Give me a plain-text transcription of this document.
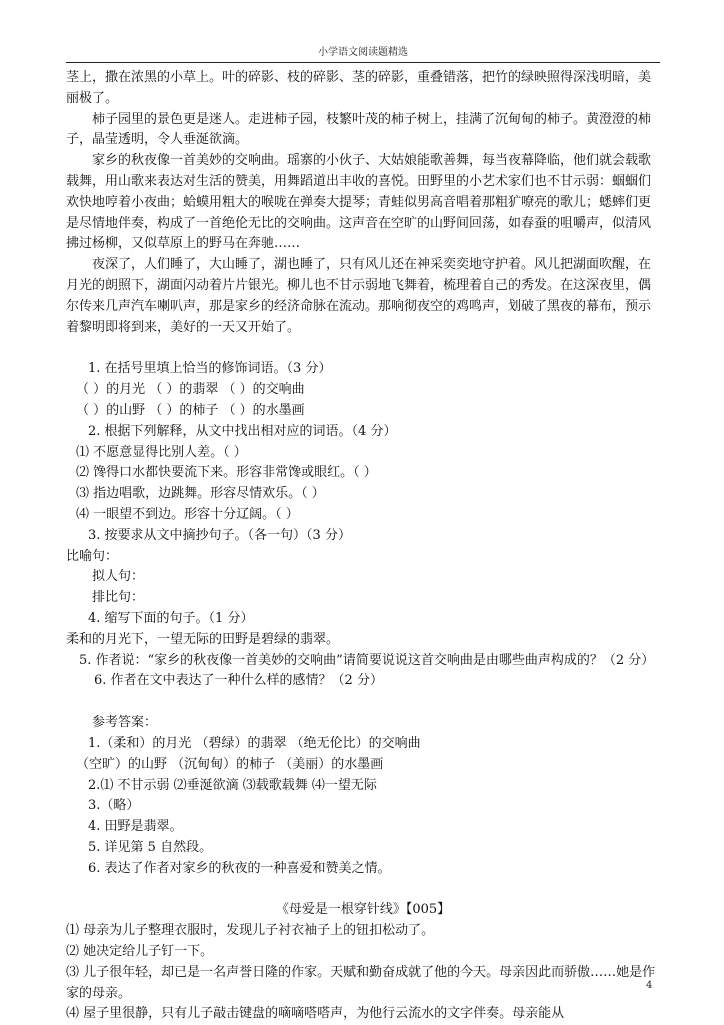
小学语文阅读题精选

茎上，撒在浓黑的小草上。叶的碎影、枝的碎影、茎的碎影，重叠错落，把竹的绿映照得深浅明暗，美丽极了。

柿子园里的景色更是迷人。走进柿子园，枝繁叶茂的柿子树上，挂满了沉甸甸的柿子。黄澄澄的柿子，晶莹透明，令人垂涎欲滴。

家乡的秋夜像一首美妙的交响曲。瑶寨的小伙子、大姑娘能歌善舞，每当夜幕降临，他们就会载歌载舞，用山歌来表达对生活的赞美，用舞蹈道出丰收的喜悦。田野里的小艺术家们也不甘示弱：蝈蝈们欢快地哼着小夜曲；蛤蟆用粗大的喉咙在弹奏大提琴；青蛙似男高音唱着那粗犷嘹亮的歌儿；蟋蟀们更是尽情地伴奏，构成了一首绝伦无比的交响曲。这声音在空旷的山野间回荡，如春蚕的咀嚼声，似清风拂过杨柳，又似草原上的野马在奔驰……

夜深了，人们睡了，大山睡了，湖也睡了，只有风儿还在神采奕奕地守护着。风儿把湖面吹醒，在月光的朗照下，湖面闪动着片片银光。柳儿也不甘示弱地飞舞着，梳理着自己的秀发。在这深夜里，偶尔传来几声汽车喇叭声，那是家乡的经济命脉在流动。那响彻夜空的鸡鸣声，划破了黑夜的幕布，预示着黎明即将到来，美好的一天又开始了。

1. 在括号里填上恰当的修饰词语。（3 分）

（ ）的月光 （ ）的翡翠 （ ）的交响曲

（ ）的山野 （ ）的柿子 （ ）的水墨画

2. 根据下列解释，从文中找出相对应的词语。（4 分）

⑴ 不愿意显得比别人差。（ ）

⑵ 馋得口水都快要流下来。形容非常馋或眼红。（ ）

⑶ 指边唱歌，边跳舞。形容尽情欢乐。（ ）

⑷ 一眼望不到边。形容十分辽阔。（ ）

3. 按要求从文中摘抄句子。（各一句）（3 分）

比喻句：

拟人句：

排比句：

4. 缩写下面的句子。（1 分）

柔和的月光下，一望无际的田野是碧绿的翡翠。

5. 作者说：“家乡的秋夜像一首美妙的交响曲”请简要说说这首交响曲是由哪些曲声构成的？（2 分）

6. 作者在文中表达了一种什么样的感情？（2 分）

参考答案：

1.（柔和）的月光 （碧绿）的翡翠 （绝无伦比）的交响曲

（空旷）的山野 （沉甸甸）的柿子 （美丽）的水墨画

2.⑴ 不甘示弱 ⑵垂涎欲滴 ⑶载歌载舞 ⑷一望无际

3.（略）

4. 田野是翡翠。

5. 详见第 5 自然段。

6. 表达了作者对家乡的秋夜的一种喜爱和赞美之情。

《母爱是一根穿针线》【005】

⑴ 母亲为儿子整理衣服时，发现儿子衬衣袖子上的钮扣松动了。

⑵ 她决定给儿子钉一下。

⑶ 儿子很年轻，却已是一名声誉日隆的作家。天赋和勤奋成就了他的今天。母亲因此而骄傲……她是作家的母亲。

⑷ 屋子里很静，只有儿子敲击键盘的嘀嘀嗒嗒声，为他行云流水的文字伴奏。母亲能从

4
